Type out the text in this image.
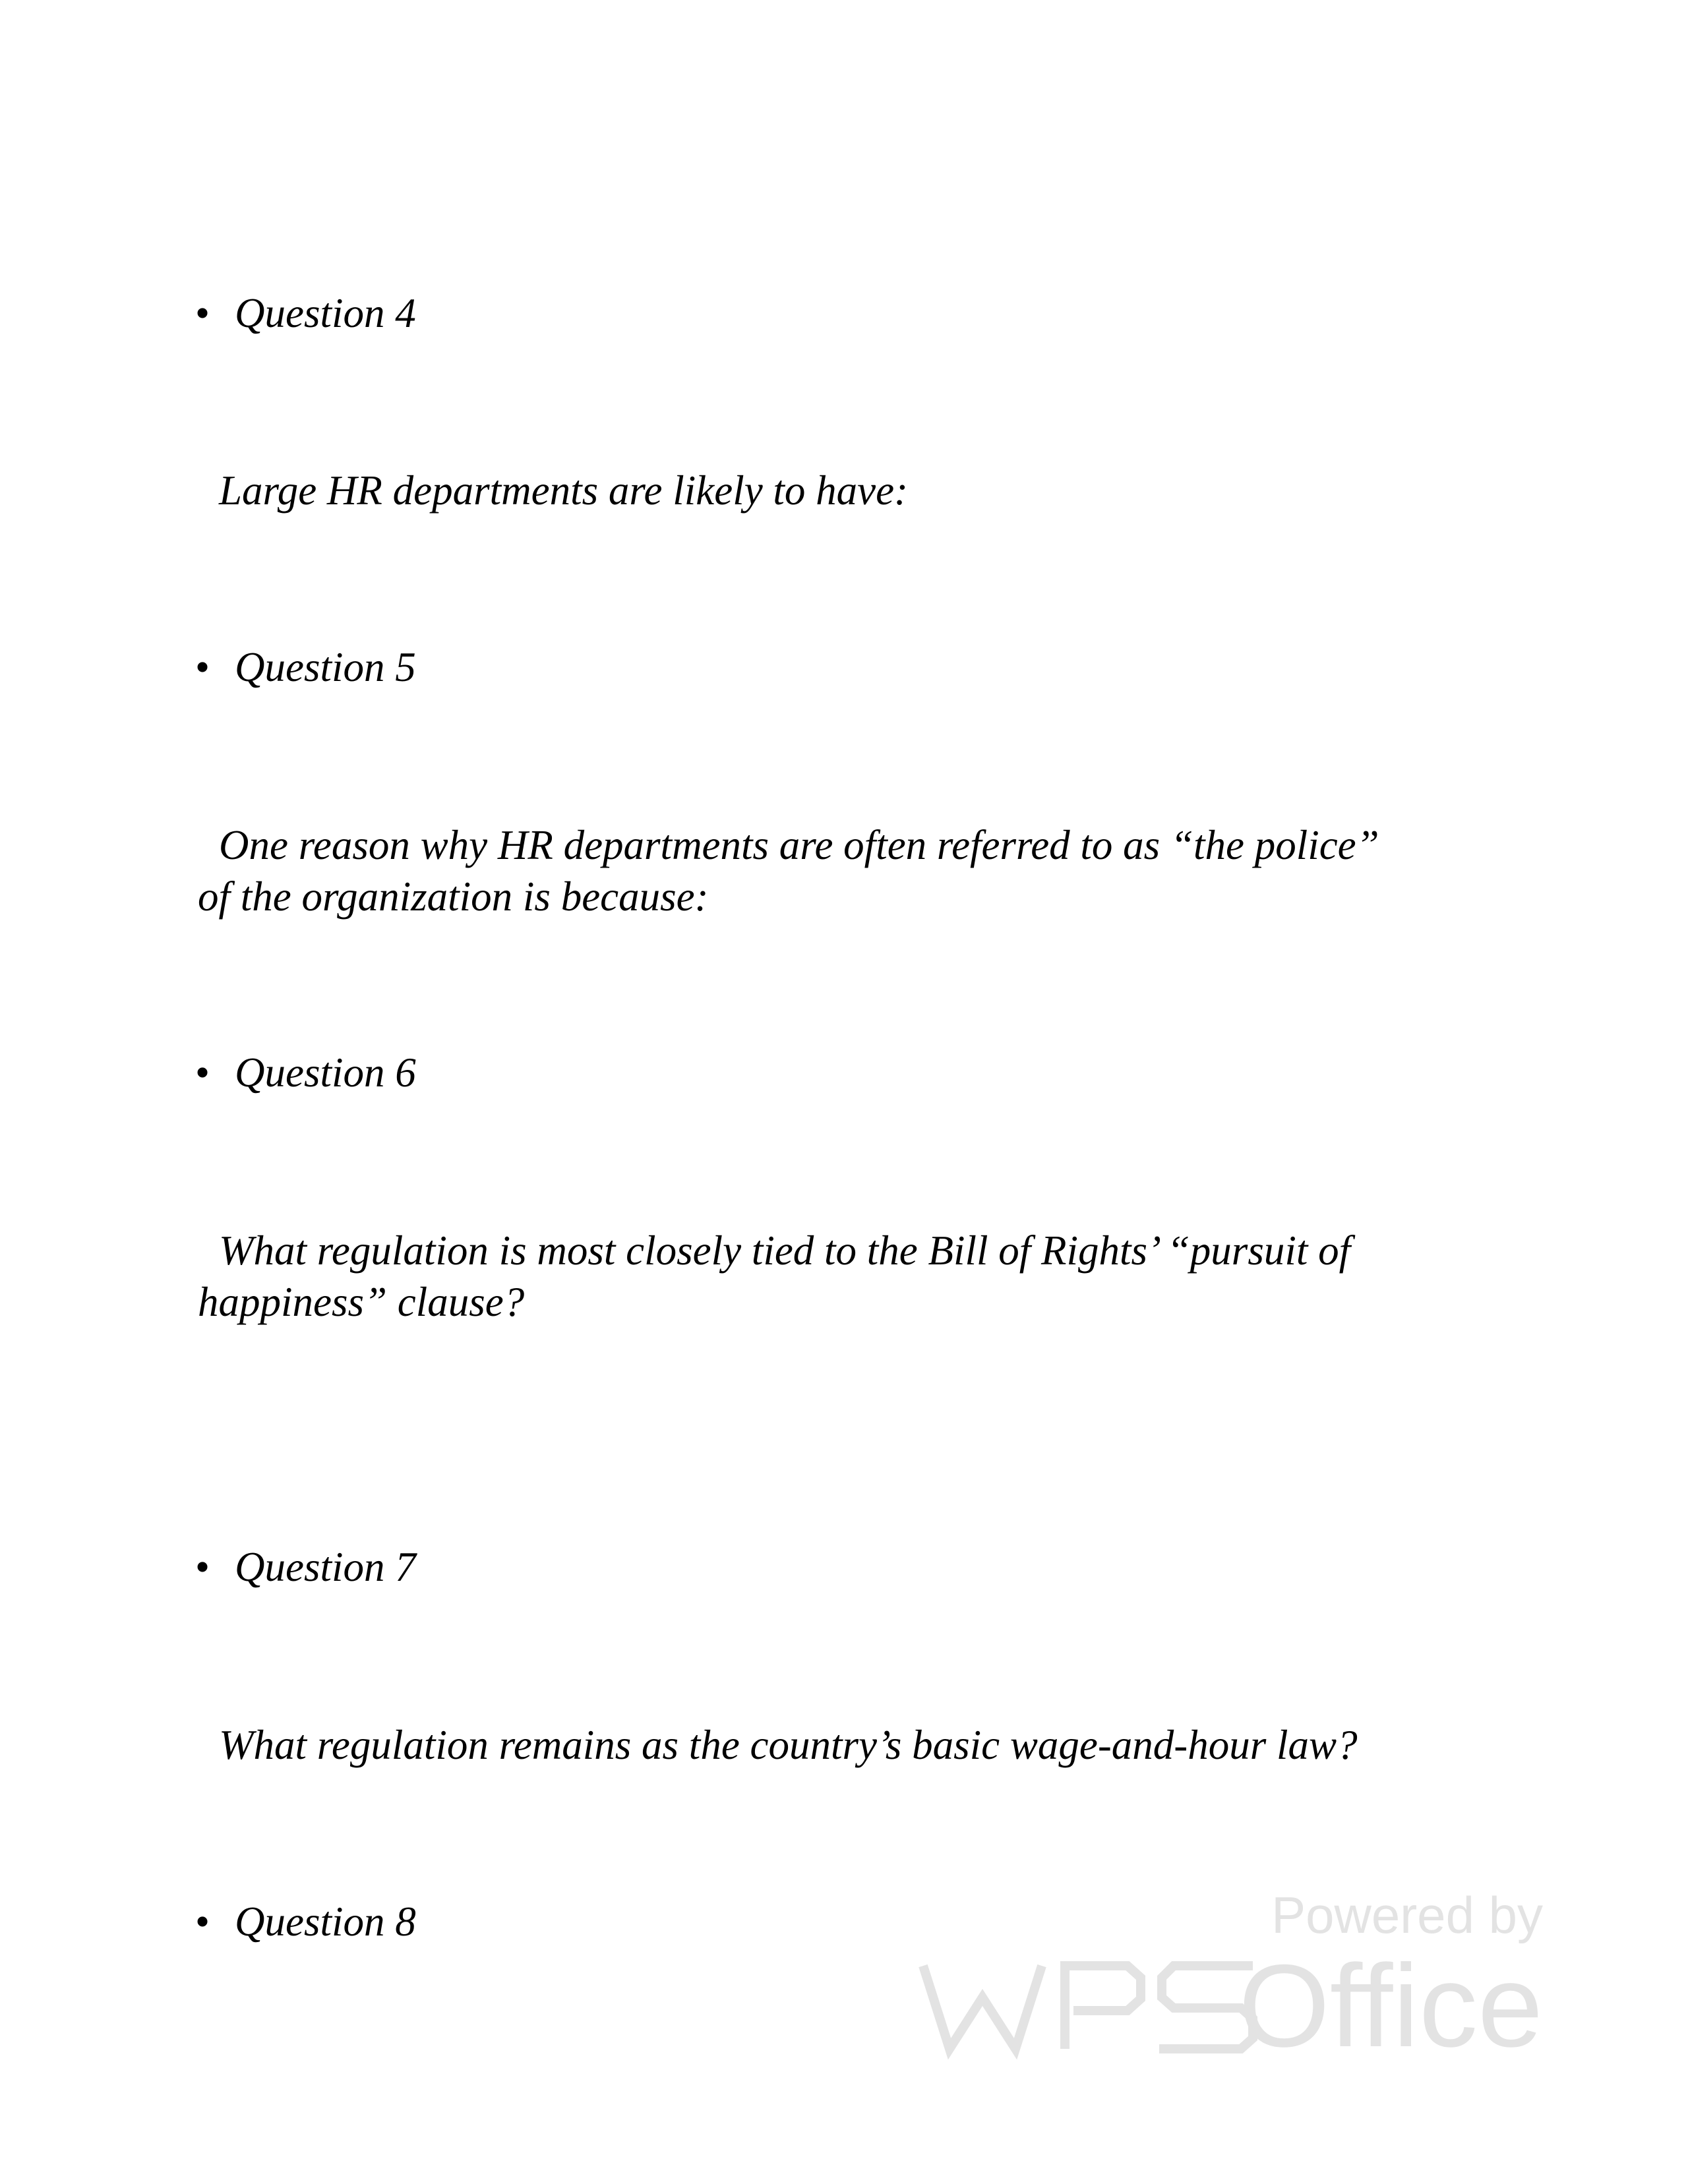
• Question 4

Large HR departments are likely to have:

• Question 5

One reason why HR departments are often referred to as “the police”

of the organization is because:

• Question 6

What regulation is most closely tied to the Bill of Rights’ “pursuit of

happiness” clause?

• Question 7

What regulation remains as the country’s basic wage-and-hour law?

• Question 8	Powered by
WPS	Office
